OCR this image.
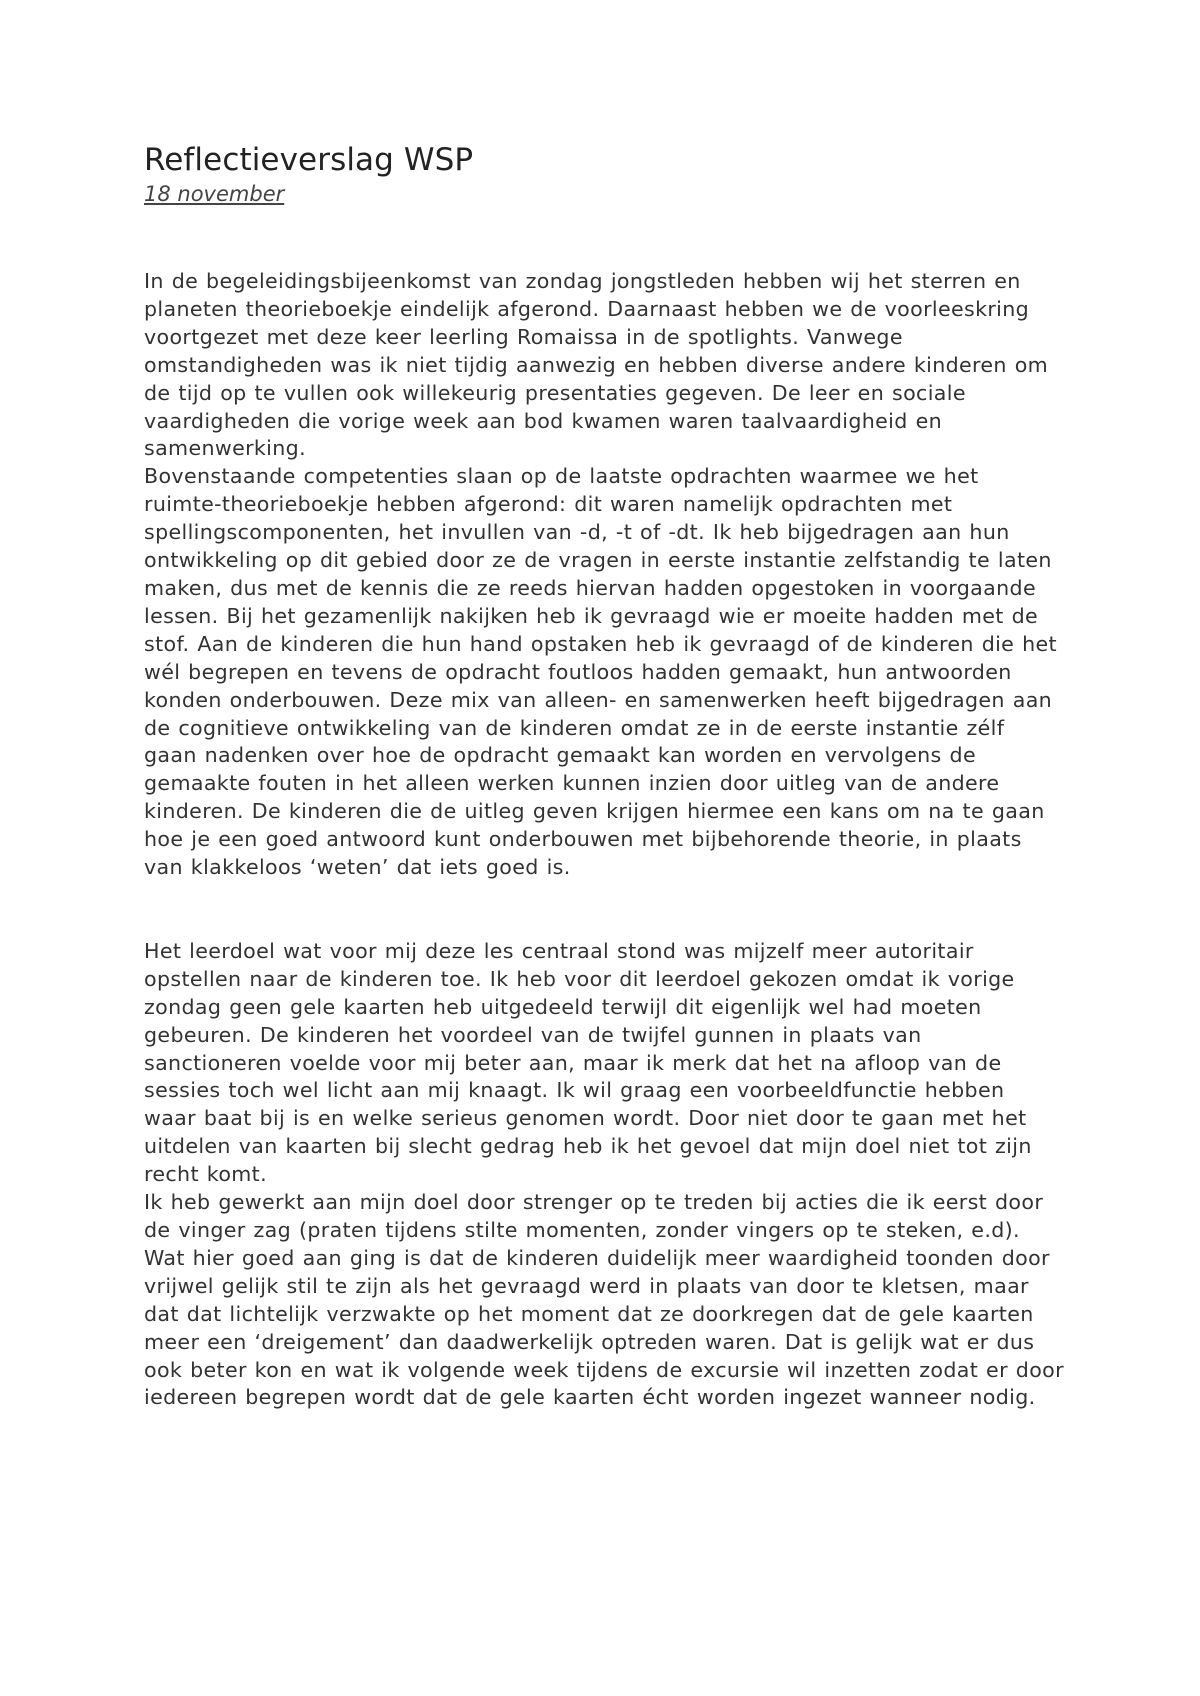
Reflectieverslag WSP

18 november

In de begeleidingsbijeenkomst van zondag jongstleden hebben wij het sterren en planeten theorieboekje eindelijk afgerond. Daarnaast hebben we de voorleeskring voortgezet met deze keer leerling Romaissa in de spotlights. Vanwege omstandigheden was ik niet tijdig aanwezig en hebben diverse andere kinderen om de tijd op te vullen ook willekeurig presentaties gegeven. De leer en sociale vaardigheden die vorige week aan bod kwamen waren taalvaardigheid en samenwerking.

Bovenstaande competenties slaan op de laatste opdrachten waarmee we het ruimte-theorieboekje hebben afgerond: dit waren namelijk opdrachten met spellingscomponenten, het invullen van -d, -t of -dt. Ik heb bijgedragen aan hun ontwikkeling op dit gebied door ze de vragen in eerste instantie zelfstandig te laten maken, dus met de kennis die ze reeds hiervan hadden opgestoken in voorgaande lessen. Bij het gezamenlijk nakijken heb ik gevraagd wie er moeite hadden met de stof. Aan de kinderen die hun hand opstaken heb ik gevraagd of de kinderen die het wél begrepen en tevens de opdracht foutloos hadden gemaakt, hun antwoorden konden onderbouwen. Deze mix van alleen- en samenwerken heeft bijgedragen aan de cognitieve ontwikkeling van de kinderen omdat ze in de eerste instantie zélf gaan nadenken over hoe de opdracht gemaakt kan worden en vervolgens de gemaakte fouten in het alleen werken kunnen inzien door uitleg van de andere kinderen. De kinderen die de uitleg geven krijgen hiermee een kans om na te gaan hoe je een goed antwoord kunt onderbouwen met bijbehorende theorie, in plaats van klakkeloos ‘weten’ dat iets goed is.

Het leerdoel wat voor mij deze les centraal stond was mijzelf meer autoritair opstellen naar de kinderen toe. Ik heb voor dit leerdoel gekozen omdat ik vorige zondag geen gele kaarten heb uitgedeeld terwijl dit eigenlijk wel had moeten gebeuren. De kinderen het voordeel van de twijfel gunnen in plaats van sanctioneren voelde voor mij beter aan, maar ik merk dat het na afloop van de sessies toch wel licht aan mij knaagt. Ik wil graag een voorbeeldfunctie hebben waar baat bij is en welke serieus genomen wordt. Door niet door te gaan met het uitdelen van kaarten bij slecht gedrag heb ik het gevoel dat mijn doel niet tot zijn recht komt.

Ik heb gewerkt aan mijn doel door strenger op te treden bij acties die ik eerst door de vinger zag (praten tijdens stilte momenten, zonder vingers op te steken, e.d). Wat hier goed aan ging is dat de kinderen duidelijk meer waardigheid toonden door vrijwel gelijk stil te zijn als het gevraagd werd in plaats van door te kletsen, maar dat dat lichtelijk verzwakte op het moment dat ze doorkregen dat de gele kaarten meer een ‘dreigement’ dan daadwerkelijk optreden waren. Dat is gelijk wat er dus ook beter kon en wat ik volgende week tijdens de excursie wil inzetten zodat er door iedereen begrepen wordt dat de gele kaarten écht worden ingezet wanneer nodig.
